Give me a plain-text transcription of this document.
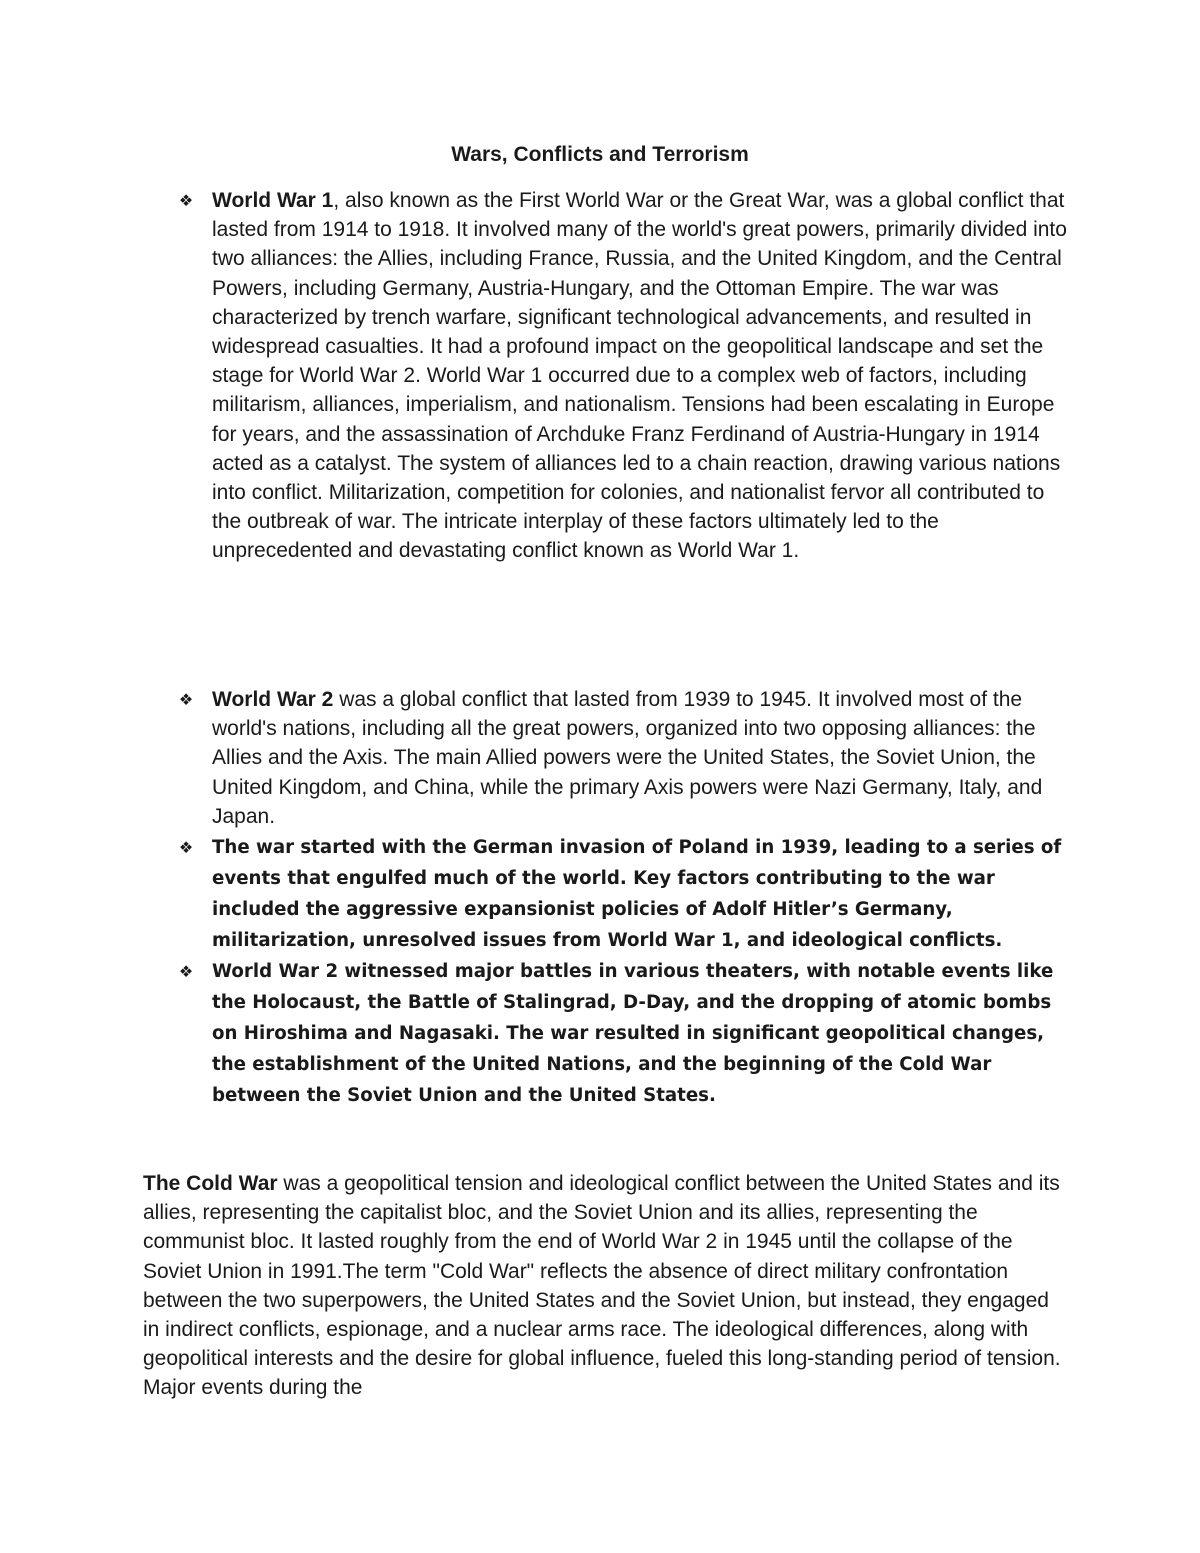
Wars, Conflicts and Terrorism

❖ World War 1, also known as the First World War or the Great War, was a global conflict that lasted from 1914 to 1918. It involved many of the world's great powers, primarily divided into two alliances: the Allies, including France, Russia, and the United Kingdom, and the Central Powers, including Germany, Austria-Hungary, and the Ottoman Empire. The war was characterized by trench warfare, significant technological advancements, and resulted in widespread casualties. It had a profound impact on the geopolitical landscape and set the stage for World War 2. World War 1 occurred due to a complex web of factors, including militarism, alliances, imperialism, and nationalism. Tensions had been escalating in Europe for years, and the assassination of Archduke Franz Ferdinand of Austria-Hungary in 1914 acted as a catalyst. The system of alliances led to a chain reaction, drawing various nations into conflict. Militarization, competition for colonies, and nationalist fervor all contributed to the outbreak of war. The intricate interplay of these factors ultimately led to the unprecedented and devastating conflict known as World War 1.

❖ World War 2 was a global conflict that lasted from 1939 to 1945. It involved most of the world's nations, including all the great powers, organized into two opposing alliances: the Allies and the Axis. The main Allied powers were the United States, the Soviet Union, the United Kingdom, and China, while the primary Axis powers were Nazi Germany, Italy, and Japan.

❖ The war started with the German invasion of Poland in 1939, leading to a series of events that engulfed much of the world. Key factors contributing to the war included the aggressive expansionist policies of Adolf Hitler’s Germany, militarization, unresolved issues from World War 1, and ideological conflicts.

❖ World War 2 witnessed major battles in various theaters, with notable events like the Holocaust, the Battle of Stalingrad, D-Day, and the dropping of atomic bombs on Hiroshima and Nagasaki. The war resulted in significant geopolitical changes, the establishment of the United Nations, and the beginning of the Cold War between the Soviet Union and the United States.

The Cold War was a geopolitical tension and ideological conflict between the United States and its allies, representing the capitalist bloc, and the Soviet Union and its allies, representing the communist bloc. It lasted roughly from the end of World War 2 in 1945 until the collapse of the Soviet Union in 1991.The term "Cold War" reflects the absence of direct military confrontation between the two superpowers, the United States and the Soviet Union, but instead, they engaged in indirect conflicts, espionage, and a nuclear arms race. The ideological differences, along with geopolitical interests and the desire for global influence, fueled this long-standing period of tension. Major events during the
